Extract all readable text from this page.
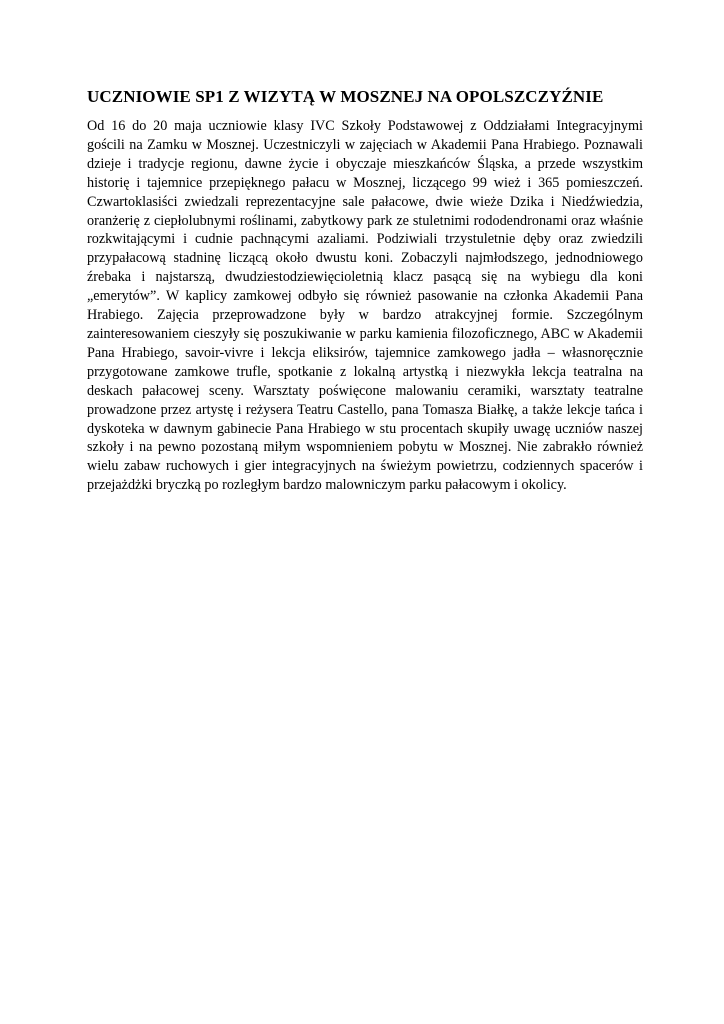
UCZNIOWIE SP1 Z WIZYTĄ W MOSZNEJ NA OPOLSZCZYŹNIE

Od 16 do 20 maja uczniowie klasy IVC Szkoły Podstawowej z Oddziałami Integracyjnymi gościli na Zamku w Mosznej. Uczestniczyli w zajęciach w Akademii Pana Hrabiego. Poznawali dzieje i tradycje regionu, dawne życie i obyczaje mieszkańców Śląska, a przede wszystkim historię i tajemnice przepięknego pałacu w Mosznej, liczącego 99 wież i 365 pomieszczeń. Czwartoklasiści zwiedzali reprezentacyjne sale pałacowe, dwie wieże Dzika i Niedźwiedzia, oranżerię z ciepłolubnymi roślinami, zabytkowy park ze stuletnimi rododendronami oraz właśnie rozkwitającymi i cudnie pachnącymi azaliami. Podziwiali trzystuletnie dęby oraz zwiedzili przypałacową stadninę liczącą około dwustu koni. Zobaczyli najmłodszego, jednodniowego źrebaka i najstarszą, dwudziestodziewięcioletnią klacz pasącą się na wybiegu dla koni „emerytów”. W kaplicy zamkowej odbyło się również pasowanie na członka Akademii Pana Hrabiego. Zajęcia przeprowadzone były w bardzo atrakcyjnej formie. Szczególnym zainteresowaniem cieszyły się poszukiwanie w parku kamienia filozoficznego, ABC w Akademii Pana Hrabiego, savoir-vivre i lekcja eliksirów, tajemnice zamkowego jadła – własnoręcznie przygotowane zamkowe trufle, spotkanie z lokalną artystką i niezwykła lekcja teatralna na deskach pałacowej sceny. Warsztaty poświęcone malowaniu ceramiki, warsztaty teatralne prowadzone przez artystę i reżysera Teatru Castello, pana Tomasza Białkę, a także lekcje tańca i dyskoteka w dawnym gabinecie Pana Hrabiego w stu procentach skupiły uwagę uczniów naszej szkoły i na pewno pozostaną miłym wspomnieniem pobytu w Mosznej. Nie zabrakło również wielu zabaw ruchowych i gier integracyjnych na świeżym powietrzu, codziennych spacerów i przejażdżki bryczką po rozległym bardzo malowniczym parku pałacowym i okolicy.
